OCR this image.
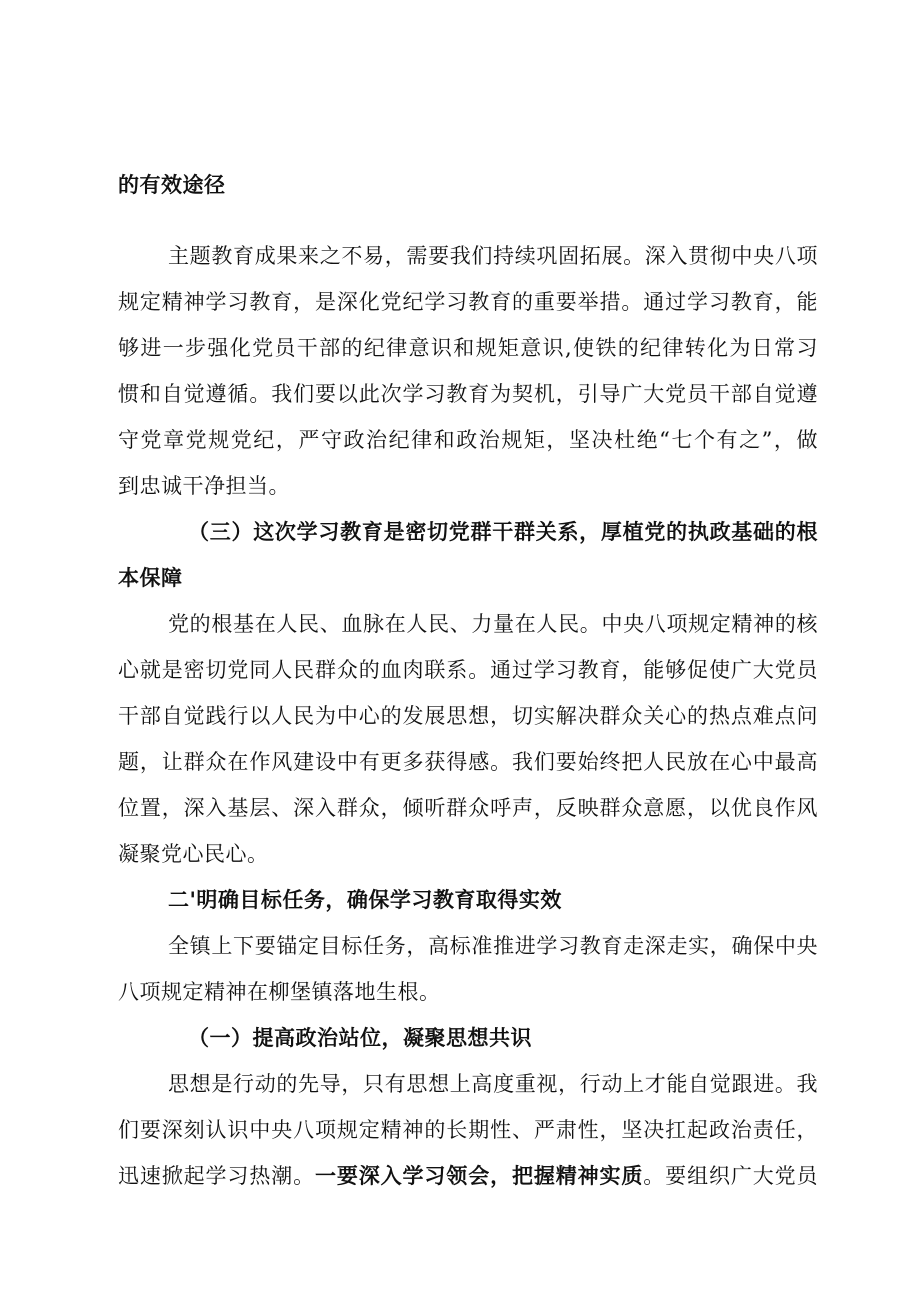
的有效途径
主题教育成果来之不易，需要我们持续巩固拓展。深入贯彻中央八项
规定精神学习教育，是深化党纪学习教育的重要举措。通过学习教育，能
够进一步强化党员干部的纪律意识和规矩意识,使铁的纪律转化为日常习
惯和自觉遵循。我们要以此次学习教育为契机，引导广大党员干部自觉遵
守党章党规党纪，严守政治纪律和政治规矩，坚决杜绝“七个有之”，做
到忠诚干净担当。
（三）这次学习教育是密切党群干群关系，厚植党的执政基础的根
本保障
党的根基在人民、血脉在人民、力量在人民。中央八项规定精神的核
心就是密切党同人民群众的血肉联系。通过学习教育，能够促使广大党员
干部自觉践行以人民为中心的发展思想，切实解决群众关心的热点难点问
题，让群众在作风建设中有更多获得感。我们要始终把人民放在心中最高
位置，深入基层、深入群众，倾听群众呼声，反映群众意愿，以优良作风
凝聚党心民心。
二'明确目标任务，确保学习教育取得实效
全镇上下要锚定目标任务，高标准推进学习教育走深走实，确保中央
八项规定精神在柳堡镇落地生根。
（一）提高政治站位，凝聚思想共识
思想是行动的先导，只有思想上高度重视，行动上才能自觉跟进。我
们要深刻认识中央八项规定精神的长期性、严肃性，坚决扛起政治责任，
迅速掀起学习热潮。一要深入学习领会，把握精神实质。要组织广大党员
